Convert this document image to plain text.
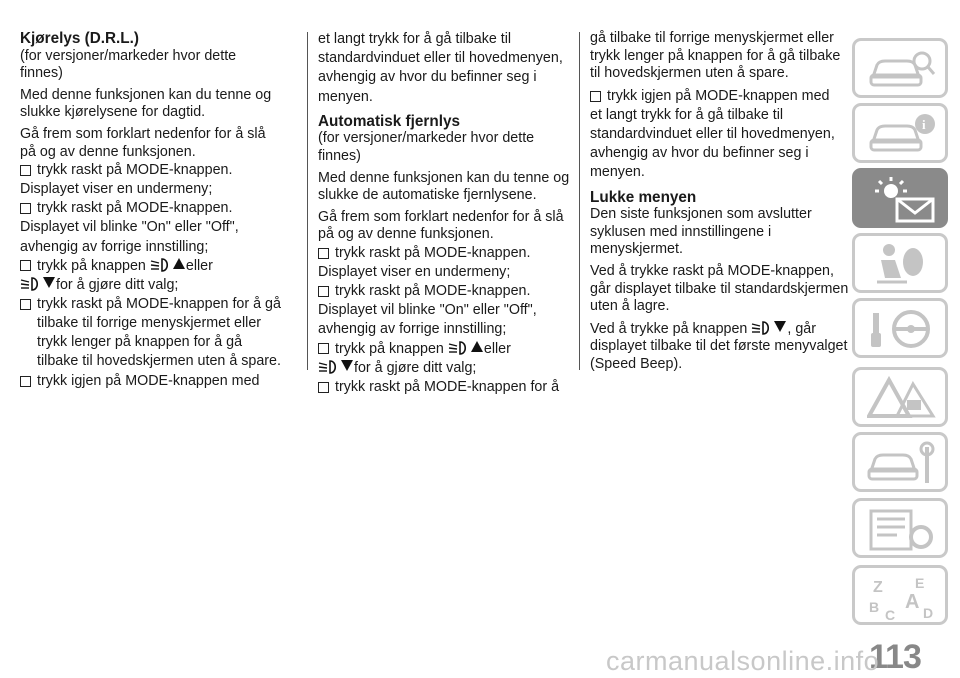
Kjørelys (D.R.L.)
(for versjoner/markeder hvor dette finnes)
Med denne funksjonen kan du tenne og slukke kjørelysene for dagtid.
Gå frem som forklart nedenfor for å slå på og av denne funksjonen.
trykk raskt på MODE-knappen.
Displayet viser en undermeny;
trykk raskt på MODE-knappen.
Displayet vil blinke "On" eller "Off", avhengig av forrige innstilling;
trykk på knappen	eller
for å gjøre ditt valg;
trykk raskt på MODE-knappen for å gå tilbake til forrige menyskjermet eller trykk lenger på knappen for å gå tilbake til hovedskjermen uten å spare.
trykk igjen på MODE-knappen med
et langt trykk for å gå tilbake til standardvinduet eller til hovedmenyen, avhengig av hvor du befinner seg i menyen.
Automatisk fjernlys
(for versjoner/markeder hvor dette finnes)
Med denne funksjonen kan du tenne og slukke de automatiske fjernlysene.
Gå frem som forklart nedenfor for å slå på og av denne funksjonen.
trykk raskt på MODE-knappen.
Displayet viser en undermeny;
trykk raskt på MODE-knappen.
Displayet vil blinke "On" eller "Off", avhengig av forrige innstilling;
trykk på knappen	eller
for å gjøre ditt valg;
trykk raskt på MODE-knappen for å
gå tilbake til forrige menyskjermet eller trykk lenger på knappen for å gå tilbake til hovedskjermen uten å spare.
trykk igjen på MODE-knappen med
et langt trykk for å gå tilbake til standardvinduet eller til hovedmenyen, avhengig av hvor du befinner seg i menyen.
Lukke menyen
Den siste funksjonen som avslutter syklusen med innstillingene i menyskjermet.
Ved å trykke raskt på MODE-knappen, går displayet tilbake til standardskjermen uten å lagre.
Ved å trykke på knappen	, går displayet tilbake til det første menyvalget (Speed Beep).
i
Z E
B A
C D
113
carmanualsonline.info
